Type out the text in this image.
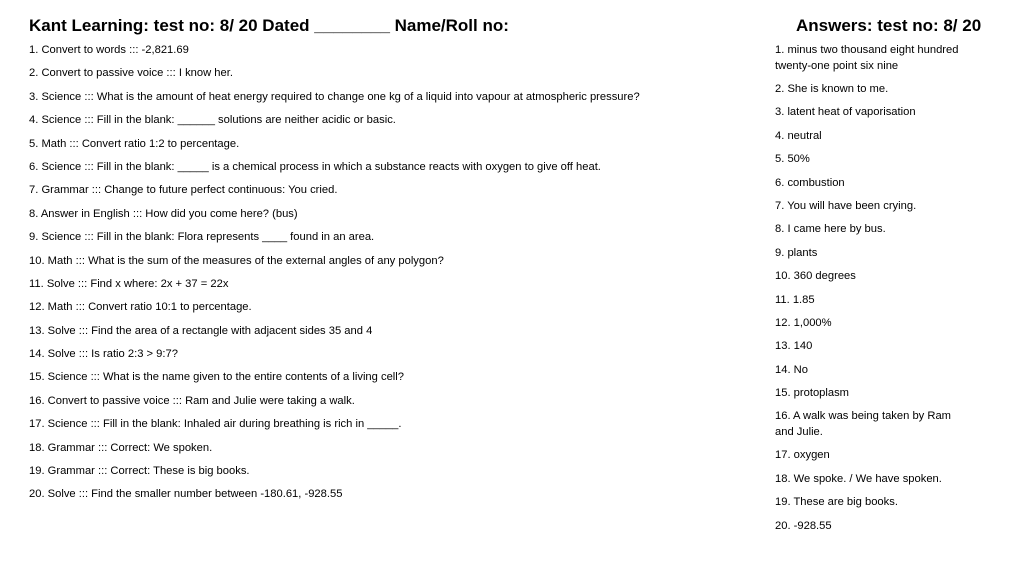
Kant Learning: test no: 8/ 20 Dated ________ Name/Roll no:	Answers: test no: 8/ 20
1. Convert to words ::: -2,821.69
2. Convert to passive voice ::: I know her.
3. Science ::: What is the amount of heat energy required to change one kg of a liquid into vapour at atmospheric pressure?
4. Science ::: Fill in the blank: ______ solutions are neither acidic or basic.
5. Math ::: Convert ratio 1:2 to percentage.
6. Science ::: Fill in the blank: _____ is a chemical process in which a substance reacts with oxygen to give off heat.
7. Grammar ::: Change to future perfect continuous: You cried.
8. Answer in English ::: How did you come here? (bus)
9. Science ::: Fill in the blank: Flora represents ____ found in an area.
10. Math ::: What is the sum of the measures of the external angles of any polygon?
11. Solve ::: Find x where: 2x + 37 = 22x
12. Math ::: Convert ratio 10:1 to percentage.
13. Solve ::: Find the area of a rectangle with adjacent sides 35 and 4
14. Solve ::: Is ratio 2:3 > 9:7?
15. Science ::: What is the name given to the entire contents of a living cell?
16. Convert to passive voice ::: Ram and Julie were taking a walk.
17. Science ::: Fill in the blank: Inhaled air during breathing is rich in _____.
18. Grammar ::: Correct: We spoken.
19. Grammar ::: Correct: These is big books.
20. Solve ::: Find the smaller number between -180.61, -928.55
1. minus two thousand eight hundred twenty-one point six nine
2. She is known to me.
3. latent heat of vaporisation
4. neutral
5. 50%
6. combustion
7. You will have been crying.
8. I came here by bus.
9. plants
10. 360 degrees
11. 1.85
12. 1,000%
13. 140
14. No
15. protoplasm
16. A walk was being taken by Ram and Julie.
17. oxygen
18. We spoke. / We have spoken.
19. These are big books.
20. -928.55
